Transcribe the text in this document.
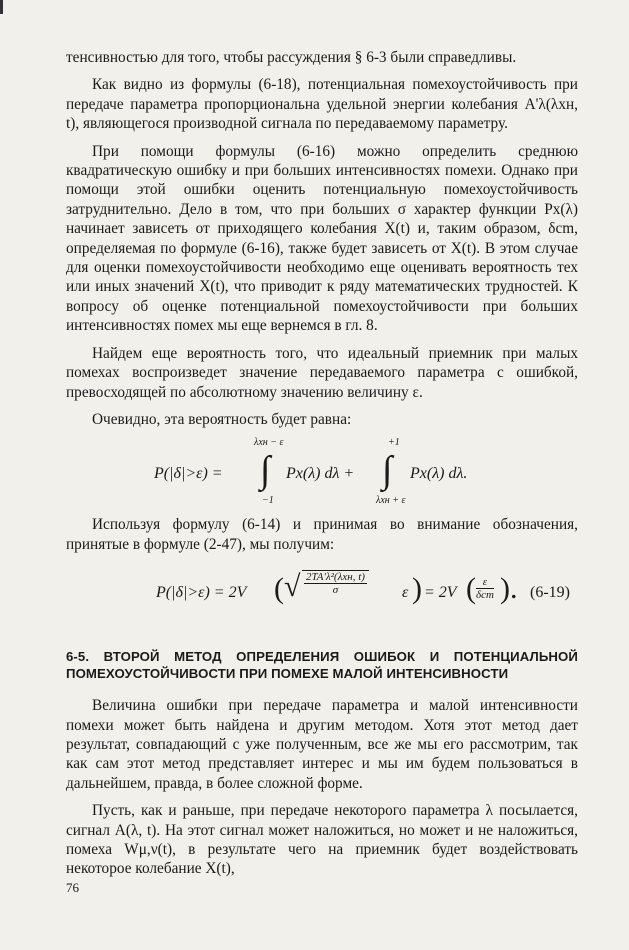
тенсивностью для того, чтобы рассуждения § 6-3 были справедливы.

Как видно из формулы (6-18), потенциальная помехоустойчивость при передаче параметра пропорциональна удельной энергии колебания A'λ(λxн, t), являющегося производной сигнала по передаваемому параметру.

При помощи формулы (6-16) можно определить среднюю квадратическую ошибку и при больших интенсивностях помехи. Однако при помощи этой ошибки оценить потенциальную помехоустойчивость затруднительно. Дело в том, что при больших σ характер функции Px(λ) начинает зависеть от приходящего колебания X(t) и, таким образом, δcm, определяемая по формуле (6-16), также будет зависеть от X(t). В этом случае для оценки помехоустойчивости необходимо еще оценивать вероятность тех или иных значений X(t), что приводит к ряду математических трудностей. К вопросу об оценке потенциальной помехоустойчивости при больших интенсивностях помех мы еще вернемся в гл. 8.

Найдем еще вероятность того, что идеальный приемник при малых помехах воспроизведет значение передаваемого параметра с ошибкой, превосходящей по абсолютному значению величину ε.

Очевидно, эта вероятность будет равна:

P(|δ|>ε) =
λxн − ε
∫
−1
Px(λ) dλ +
+1
∫
λxн + ε
Px(λ) dλ.

Используя формулу (6-14) и принимая во внимание обозначения, принятые в формуле (2-47), мы получим:

P(|δ|>ε) = 2V ( √ $\frac{\text{2TA'λ²(λxн, t)}}{\sigma}$ ε ) = 2V ( $\frac{\varepsilon}{\text{δcm}}$ ). (6-19)
6-5. ВТОРОЙ МЕТОД ОПРЕДЕЛЕНИЯ ОШИБОК И ПОТЕНЦИАЛЬНОЙ ПОМЕХОУСТОЙЧИВОСТИ ПРИ ПОМЕХЕ МАЛОЙ ИНТЕНСИВНОСТИ

Величина ошибки при передаче параметра и малой интенсивности помехи может быть найдена и другим методом. Хотя этот метод дает результат, совпадающий с уже полученным, все же мы его рассмотрим, так как сам этот метод представляет интерес и мы им будем пользоваться в дальнейшем, правда, в более сложной форме.

Пусть, как и раньше, при передаче некоторого параметра λ посылается, сигнал A(λ, t). На этот сигнал может наложиться, но может и не наложиться, помеха Wμ,ν(t), в результате чего на приемник будет воздействовать некоторое колебание X(t),

76
